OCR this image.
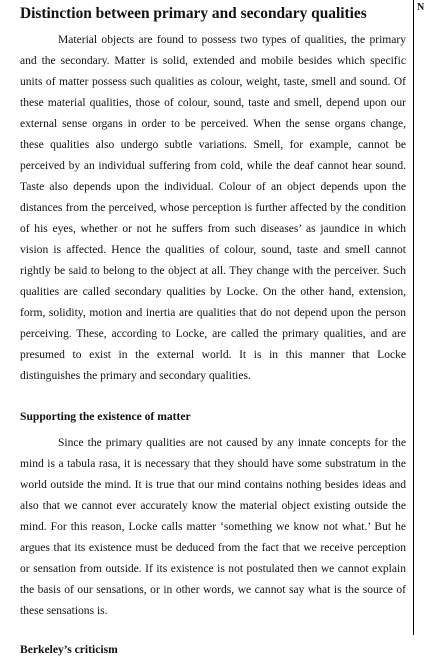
Distinction between primary and secondary qualities

Material objects are found to possess two types of qualities, the primary and the secondary. Matter is solid, extended and mobile besides which specific units of matter possess such qualities as colour, weight, taste, smell and sound. Of these material qualities, those of colour, sound, taste and smell, depend upon our external sense organs in order to be perceived. When the sense organs change, these qualities also undergo subtle variations. Smell, for example, cannot be perceived by an individual suffering from cold, while the deaf cannot hear sound. Taste also depends upon the individual. Colour of an object depends upon the distances from the perceived, whose perception is further affected by the condition of his eyes, whether or not he suffers from such diseases’ as jaundice in which vision is affected. Hence the qualities of colour, sound, taste and smell cannot rightly be said to belong to the object at all. They change with the perceiver. Such qualities are called secondary qualities by Locke. On the other hand, extension, form, solidity, motion and inertia are qualities that do not depend upon the person perceiving. These, according to Locke, are called the primary qualities, and are presumed to exist in the external world. It is in this manner that Locke distinguishes the primary and secondary qualities.

Supporting the existence of matter

Since the primary qualities are not caused by any innate concepts for the mind is a tabula rasa, it is necessary that they should have some substratum in the world outside the mind. It is true that our mind contains nothing besides ideas and also that we cannot ever accurately know the material object existing outside the mind. For this reason, Locke calls matter ‘something we know not what.’ But he argues that its existence must be deduced from the fact that we receive perception or sensation from outside. If its existence is not postulated then we cannot explain the basis of our sensations, or in other words, we cannot say what is the source of these sensations is.

Berkeley’s criticism
N
